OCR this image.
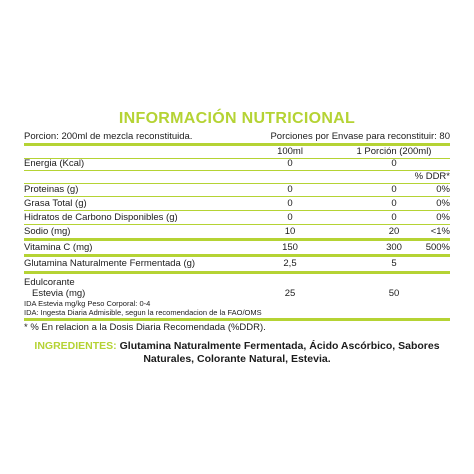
INFORMACIÓN NUTRICIONAL
Porcion: 200ml de mezcla reconstituida.	Porciones por Envase para reconstituir: 80
100ml	1 Porción (200ml)
Energia (Kcal)	0	0
% DDR*
Proteinas (g)	0	0	0%
Grasa Total (g)	0	0	0%
Hidratos de Carbono Disponibles (g)	0	0	0%
Sodio (mg)	10	20	<1%
Vitamina C (mg)	150	300	500%
Glutamina Naturalmente Fermentada (g)	2,5	5
Edulcorante
Estevia (mg)	25	50
IDA Estevia mg/kg Peso Corporal: 0-4
IDA: Ingesta Diaria Admisible, segun la recomendacion de la FAO/OMS
* % En relacion a la Dosis Diaria Recomendada (%DDR).
INGREDIENTES: Glutamina Naturalmente Fermentada, Ácido Ascórbico, Sabores Naturales, Colorante Natural, Estevia.
